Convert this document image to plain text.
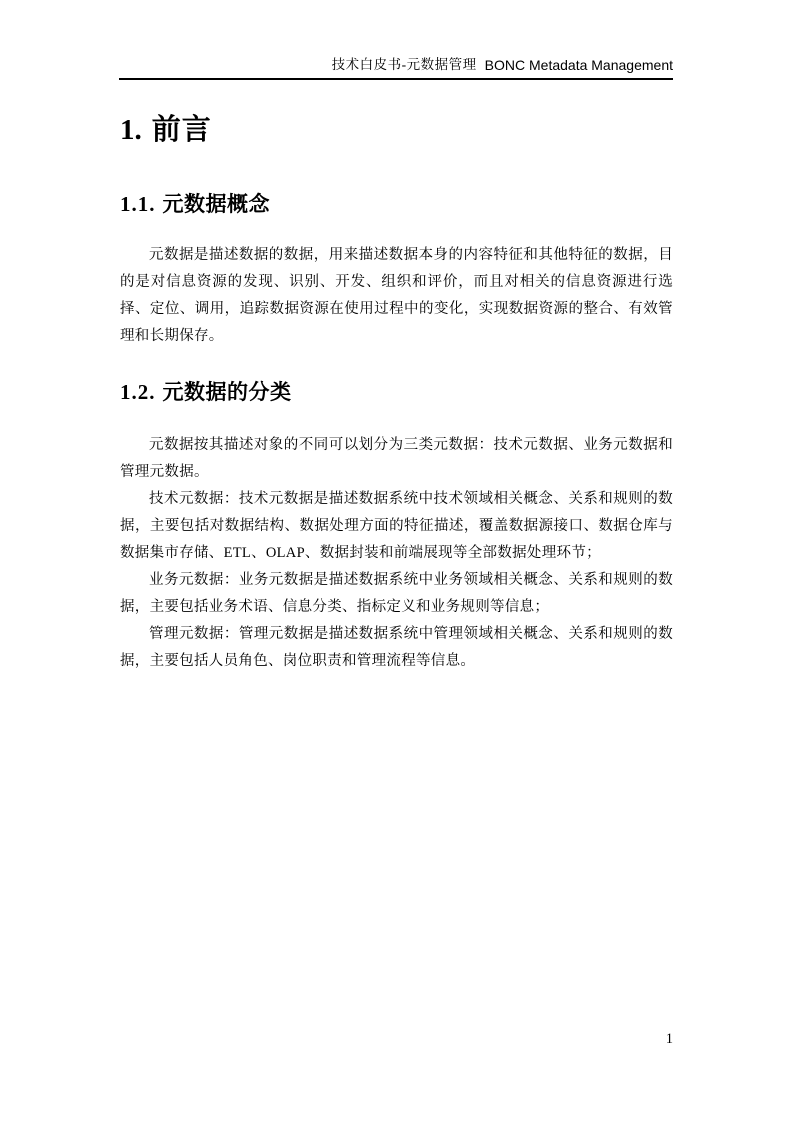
技术白皮书-元数据管理 BONC Metadata Management
1. 前言
1.1. 元数据概念

元数据是描述数据的数据，用来描述数据本身的内容特征和其他特征的数据，目的是对信息资源的发现、识别、开发、组织和评价，而且对相关的信息资源进行选择、定位、调用，追踪数据资源在使用过程中的变化，实现数据资源的整合、有效管理和长期保存。

1.2. 元数据的分类

元数据按其描述对象的不同可以划分为三类元数据：技术元数据、业务元数据和管理元数据。

技术元数据：技术元数据是描述数据系统中技术领域相关概念、关系和规则的数据，主要包括对数据结构、数据处理方面的特征描述，覆盖数据源接口、数据仓库与数据集市存储、ETL、OLAP、数据封装和前端展现等全部数据处理环节；

业务元数据：业务元数据是描述数据系统中业务领域相关概念、关系和规则的数据，主要包括业务术语、信息分类、指标定义和业务规则等信息；

管理元数据：管理元数据是描述数据系统中管理领域相关概念、关系和规则的数据，主要包括人员角色、岗位职责和管理流程等信息。

1
